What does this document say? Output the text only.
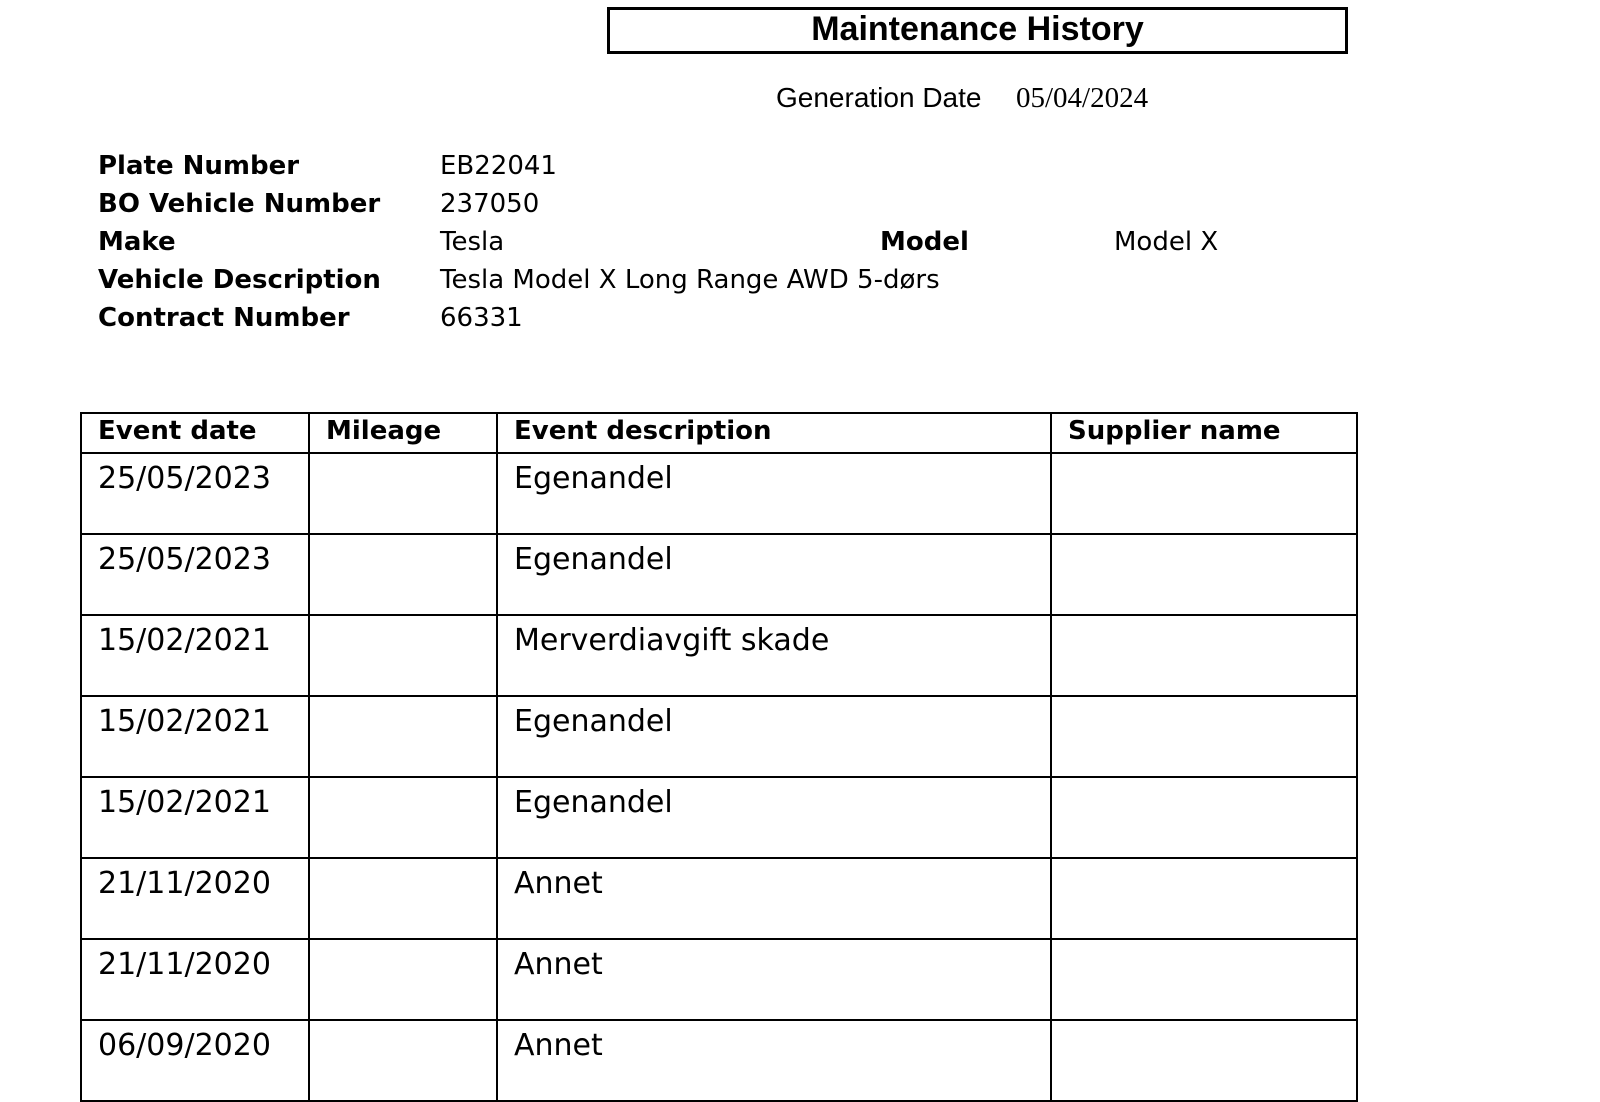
Maintenance History
Generation Date 05/04/2024
Plate Number	EB22041
BO Vehicle Number 237050
Make	Tesla	Model	Model X
Vehicle Description Tesla Model X Long Range AWD 5-dørs
Contract Number	66331
Event date	Mileage	Event description	Supplier name
25/05/2023		Egenandel	
25/05/2023		Egenandel	
15/02/2021		Merverdiavgift skade	
15/02/2021		Egenandel	
15/02/2021		Egenandel	
21/11/2020		Annet	
21/11/2020		Annet	
06/09/2020		Annet	
